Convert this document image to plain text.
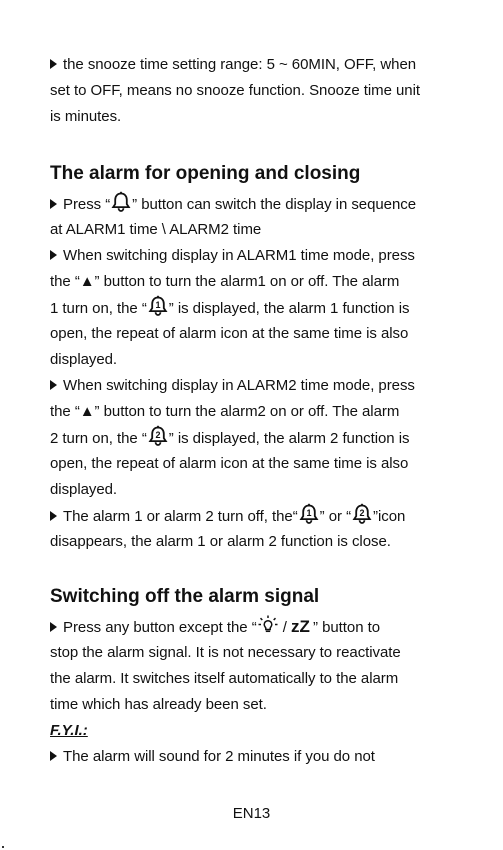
the snooze time setting range: 5 ~ 60MIN, OFF, when
set to OFF, means no snooze function. Snooze time unit
is minutes.
The alarm for opening and closing
Press “ ” button can switch the display in sequence
at ALARM1 time \ ALARM2 time
When switching display in ALARM1 time mode, press
the “▲” button to turn the alarm1 on or off. The alarm
1 turn on, the “ 1 ” is displayed, the alarm 1 function is
open, the repeat of alarm icon at the same time is also
displayed.
When switching display in ALARM2 time mode, press
the “▲” button to turn the alarm2 on or off. The alarm
2 turn on, the “ 2 ” is displayed, the alarm 2 function is
open, the repeat of alarm icon at the same time is also
displayed.
The alarm 1 or alarm 2 turn off, the“ 1 ” or “ 2 ”icon
disappears, the alarm 1 or alarm 2 function is close.
Switching off the alarm signal
Press any button except the “ / zZ ” button to
stop the alarm signal. It is not necessary to reactivate
the alarm. It switches itself automatically to the alarm
time which has already been set.
F.Y.I.:
The alarm will sound for 2 minutes if you do not
EN13
